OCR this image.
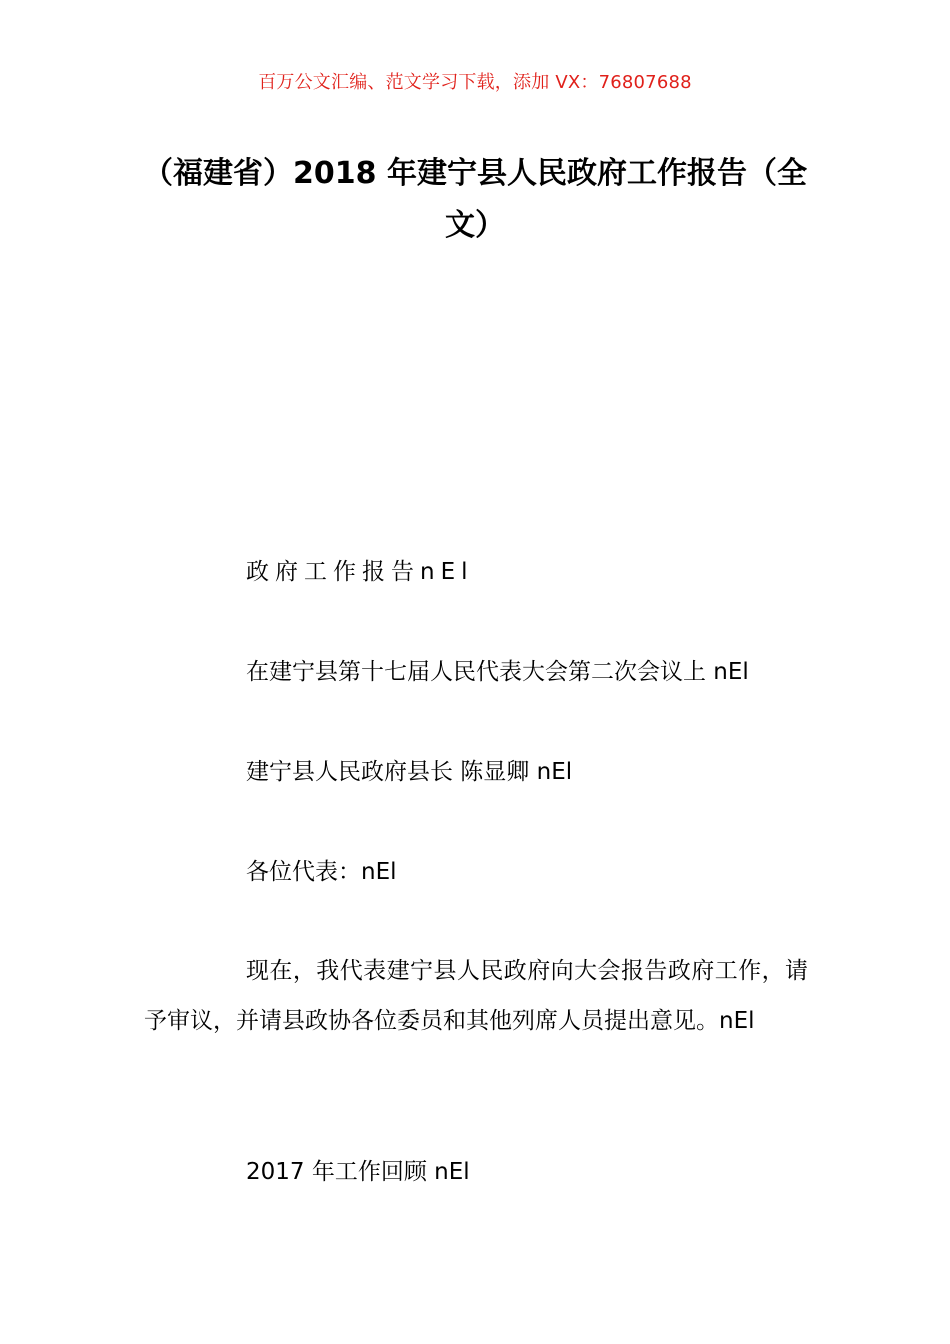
百万公文汇编、范文学习下载，添加 VX：76807688
（福建省）2018 年建宁县人民政府工作报告（全文）

政府工作报告nEl

在建宁县第十七届人民代表大会第二次会议上 nEl

建宁县人民政府县长 陈显卿 nEl

各位代表：nEl

现在，我代表建宁县人民政府向大会报告政府工作，请予审议，并请县政协各位委员和其他列席人员提出意见。nEl

2017 年工作回顾 nEl
